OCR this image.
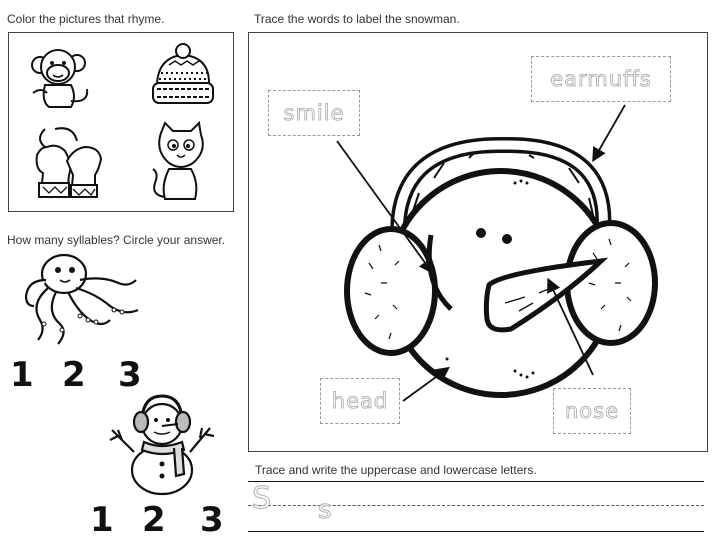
Color the pictures that rhyme.
How many syllables? Circle your answer.
1 2 3
1 2 3
Trace the words to label the snowman.
earmuffs
smile
head	nose
Trace and write the uppercase and lowercase letters.
S s
